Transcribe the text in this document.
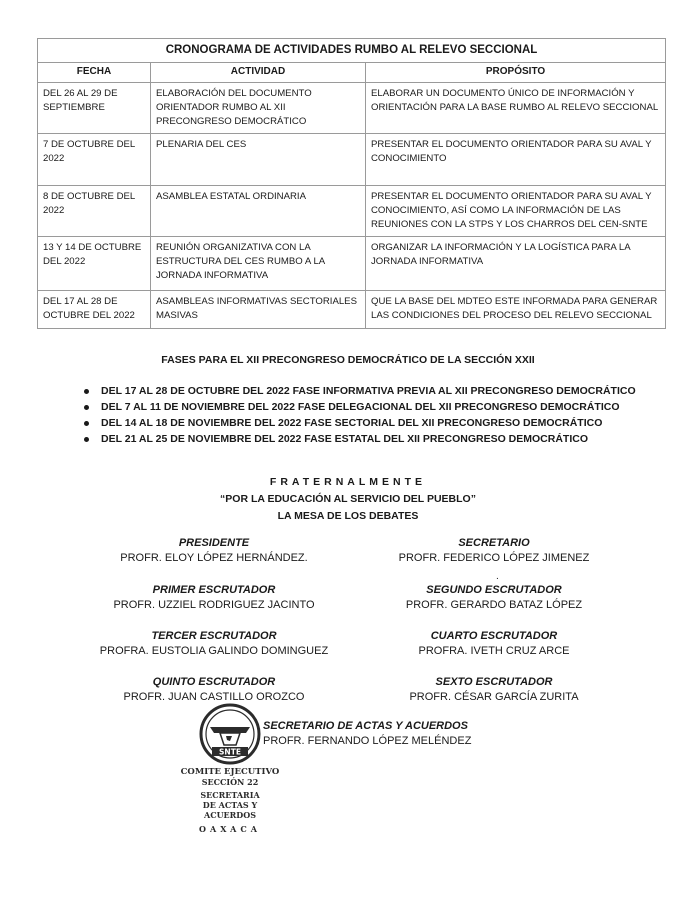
CRONOGRAMA DE ACTIVIDADES RUMBO AL RELEVO SECCIONAL		
FECHA	ACTIVIDAD	PROPÓSITO
DEL 26 AL 29 DE SEPTIEMBRE	ELABORACIÓN DEL DOCUMENTO ORIENTADOR RUMBO AL XII PRECONGRESO DEMOCRÁTICO	ELABORAR UN DOCUMENTO ÚNICO DE INFORMACIÓN Y ORIENTACIÓN PARA LA BASE RUMBO AL RELEVO SECCIONAL
7 DE OCTUBRE DEL 2022	PLENARIA DEL CES	PRESENTAR EL DOCUMENTO ORIENTADOR PARA SU AVAL Y CONOCIMIENTO
8 DE OCTUBRE DEL 2022	ASAMBLEA ESTATAL ORDINARIA	PRESENTAR EL DOCUMENTO ORIENTADOR PARA SU AVAL Y CONOCIMIENTO, ASÍ COMO LA INFORMACIÓN DE LAS REUNIONES CON LA STPS Y LOS CHARROS DEL CEN-SNTE
13 Y 14 DE OCTUBRE DEL 2022	REUNIÓN ORGANIZATIVA CON LA ESTRUCTURA DEL CES RUMBO A LA JORNADA INFORMATIVA	ORGANIZAR LA INFORMACIÓN Y LA LOGÍSTICA PARA LA JORNADA INFORMATIVA
DEL 17 AL 28 DE OCTUBRE DEL 2022	ASAMBLEAS INFORMATIVAS SECTORIALES MASIVAS	QUE LA BASE DEL MDTEO ESTE INFORMADA PARA GENERAR LAS CONDICIONES DEL PROCESO DEL RELEVO SECCIONAL
FASES PARA EL XII PRECONGRESO DEMOCRÁTICO DE LA SECCIÓN XXII
DEL 17 AL 28 DE OCTUBRE DEL 2022 FASE INFORMATIVA PREVIA AL XII PRECONGRESO DEMOCRÁTICO
DEL 7 AL 11 DE NOVIEMBRE DEL 2022 FASE DELEGACIONAL DEL XII PRECONGRESO DEMOCRÁTICO
DEL 14 AL 18 DE NOVIEMBRE DEL 2022 FASE SECTORIAL DEL XII PRECONGRESO DEMOCRÁTICO
DEL 21 AL 25 DE NOVIEMBRE DEL 2022 FASE ESTATAL DEL XII PRECONGRESO DEMOCRÁTICO
FRATERNALMENTE
“POR LA EDUCACIÓN AL SERVICIO DEL PUEBLO”
LA MESA DE LOS DEBATES
PRESIDENTE
PROFR. ELOY LÓPEZ HERNÁNDEZ.
SECRETARIO
PROFR. FEDERICO LÓPEZ JIMENEZ
.
PRIMER ESCRUTADOR
PROFR. UZZIEL RODRIGUEZ JACINTO
SEGUNDO ESCRUTADOR
PROFR. GERARDO BATAZ LÓPEZ
TERCER ESCRUTADOR
PROFRA. EUSTOLIA GALINDO DOMINGUEZ
CUARTO ESCRUTADOR
PROFRA. IVETH CRUZ ARCE
QUINTO ESCRUTADOR
PROFR. JUAN CASTILLO OROZCO
SEXTO ESCRUTADOR
PROFR. CÉSAR GARCÍA ZURITA
SECRETARIO DE ACTAS Y ACUERDOS
PROFR. FERNANDO LÓPEZ MELÉNDEZ
SNTE
COMITE EJECUTIVO
SECCIÓN 22
SECRETARIA
DE ACTAS Y ACUERDOS
OAXACA
